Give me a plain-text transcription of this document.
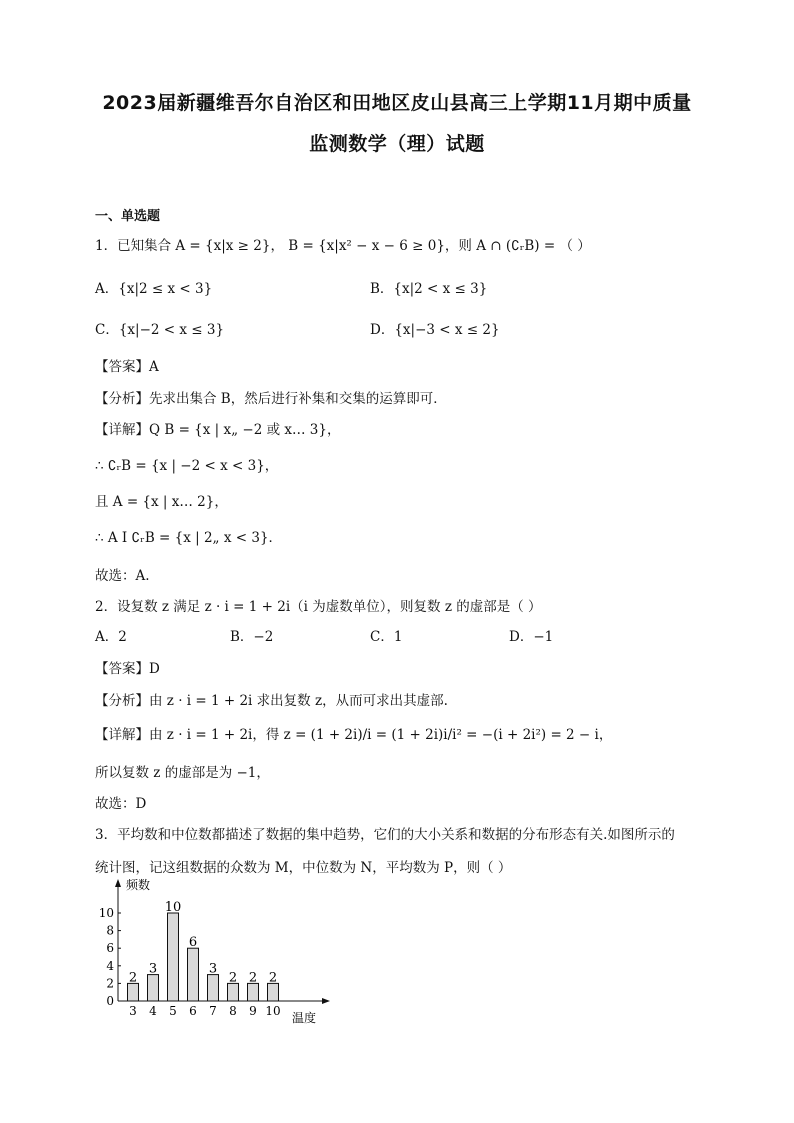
2023届新疆维吾尔自治区和田地区皮山县高三上学期11月期中质量
监测数学（理）试题
一、单选题
1．已知集合 A = {x|x ≥ 2}， B = {x|x² − x − 6 ≥ 0}，则 A ∩ (∁ᵣB) = （ ）
A．{x|2 ≤ x < 3}	B．{x|2 < x ≤ 3}
C．{x|−2 < x ≤ 3}	D．{x|−3 < x ≤ 2}
【答案】A
【分析】先求出集合 B，然后进行补集和交集的运算即可．
【详解】Q B = {x | x„ −2 或 x… 3}，
∴ ∁ᵣB = {x | −2 < x < 3}，
且 A = {x | x… 2}，
∴ A I ∁ᵣB = {x | 2„ x < 3}．
故选：A.
2．设复数 z 满足 z · i = 1 + 2i（i 为虚数单位），则复数 z 的虚部是（ ）
A．2	B．−2	C．1	D．−1
【答案】D
【分析】由 z · i = 1 + 2i 求出复数 z，从而可求出其虚部.
【详解】由 z · i = 1 + 2i，得 z = (1 + 2i)/i = (1 + 2i)i/i² = −(i + 2i²) = 2 − i，
所以复数 z 的虚部是为 −1，
故选：D
3．平均数和中位数都描述了数据的集中趋势，它们的大小关系和数据的分布形态有关.如图所示的
统计图，记这组数据的众数为 M，中位数为 N，平均数为 P，则（ ）
0
2
4
6
8
10
频数
温度
2
3
3
4
10
5
6
6
3
7
2
8
2
9
2
10
